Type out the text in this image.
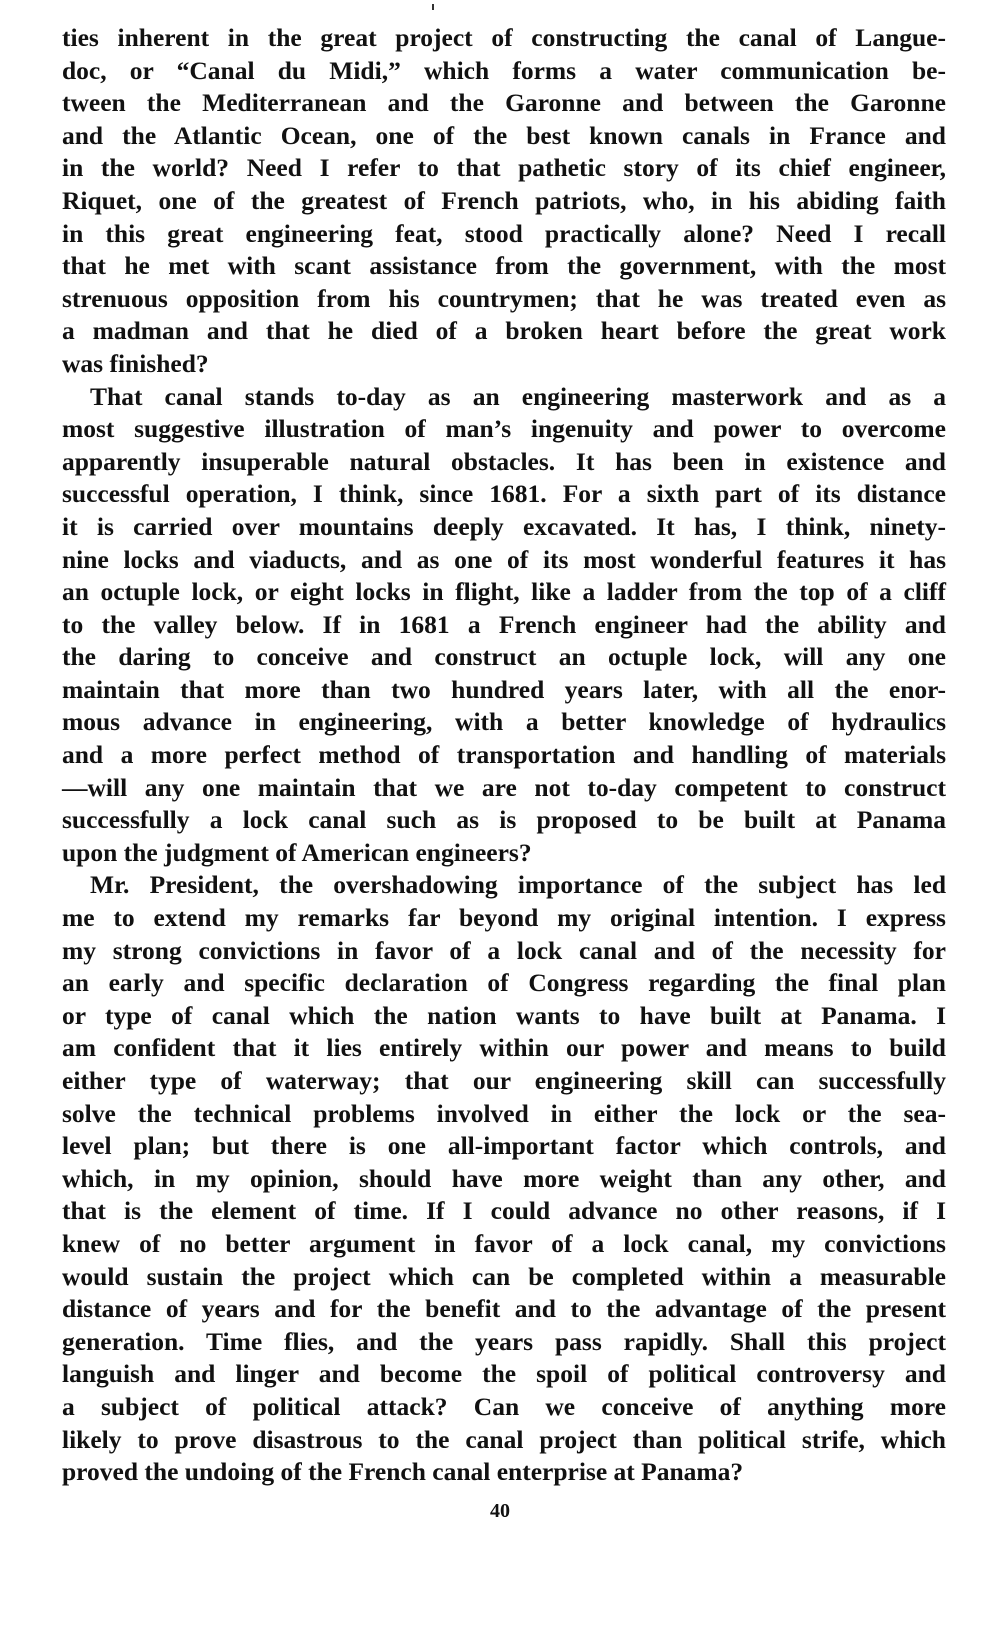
ties inherent in the great project of constructing the canal of Langue-
doc, or “Canal du Midi,” which forms a water communication be-
tween the Mediterranean and the Garonne and between the Garonne
and the Atlantic Ocean, one of the best known canals in France and
in the world? Need I refer to that pathetic story of its chief engineer,
Riquet, one of the greatest of French patriots, who, in his abiding faith
in this great engineering feat, stood practically alone? Need I recall
that he met with scant assistance from the government, with the most
strenuous opposition from his countrymen; that he was treated even as
a madman and that he died of a broken heart before the great work
was finished?
That canal stands to-day as an engineering masterwork and as a
most suggestive illustration of man’s ingenuity and power to overcome
apparently insuperable natural obstacles. It has been in existence and
successful operation, I think, since 1681. For a sixth part of its distance
it is carried over mountains deeply excavated. It has, I think, ninety-
nine locks and viaducts, and as one of its most wonderful features it has
an octuple lock, or eight locks in flight, like a ladder from the top of a cliff
to the valley below. If in 1681 a French engineer had the ability and
the daring to conceive and construct an octuple lock, will any one
maintain that more than two hundred years later, with all the enor-
mous advance in engineering, with a better knowledge of hydraulics
and a more perfect method of transportation and handling of materials
—will any one maintain that we are not to-day competent to construct
successfully a lock canal such as is proposed to be built at Panama
upon the judgment of American engineers?
Mr. President, the overshadowing importance of the subject has led
me to extend my remarks far beyond my original intention. I express
my strong convictions in favor of a lock canal and of the necessity for
an early and specific declaration of Congress regarding the final plan
or type of canal which the nation wants to have built at Panama. I
am confident that it lies entirely within our power and means to build
either type of waterway; that our engineering skill can successfully
solve the technical problems involved in either the lock or the sea-
level plan; but there is one all-important factor which controls, and
which, in my opinion, should have more weight than any other, and
that is the element of time. If I could advance no other reasons, if I
knew of no better argument in favor of a lock canal, my convictions
would sustain the project which can be completed within a measurable
distance of years and for the benefit and to the advantage of the present
generation. Time flies, and the years pass rapidly. Shall this project
languish and linger and become the spoil of political controversy and
a subject of political attack? Can we conceive of anything more
likely to prove disastrous to the canal project than political strife, which
proved the undoing of the French canal enterprise at Panama?
40
